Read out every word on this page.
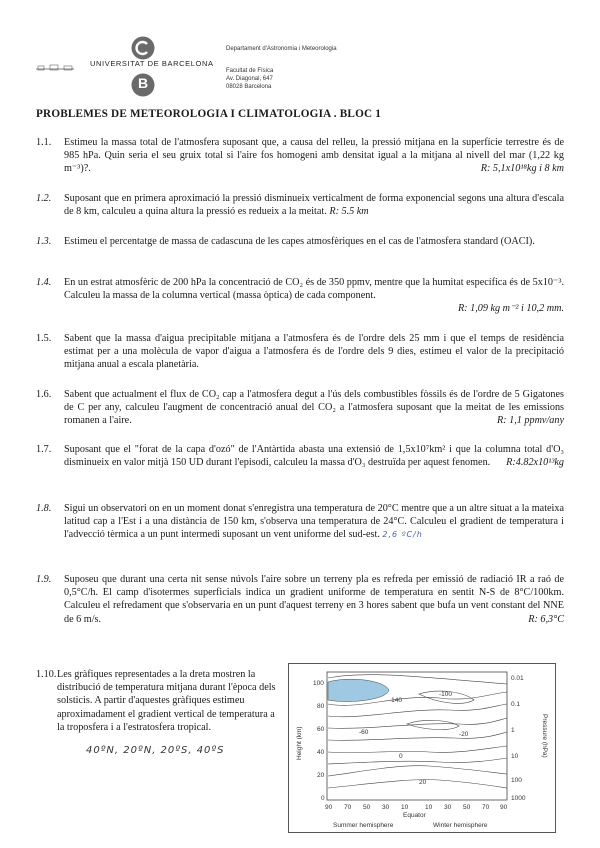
B
UNIVERSITAT DE BARCELONA
Departament d'Astronomia i Meteorologia
Facultat de Física
Av. Diagonal, 647
08028 Barcelona
PROBLEMES DE METEOROLOGIA I CLIMATOLOGIA . BLOC 1
1.1.	Estimeu la massa total de l'atmosfera suposant que, a causa del relleu, la pressió mitjana en la superfície terrestre és de 985 hPa. Quin seria el seu gruix total si l'aire fos homogeni amb densitat igual a la mitjana al nivell del mar (1,22 kg m⁻³)?.	R: 5,1x10¹⁸kg i 8 km
1.2.	Suposant que en primera aproximació la pressió disminueix verticalment de forma exponencial segons una altura d'escala de 8 km, calculeu a quina altura la pressió es redueix a la meitat. R: 5.5 km
1.3.	Estimeu el percentatge de massa de cadascuna de les capes atmosfèriques en el cas de l'atmosfera standard (OACI).
1.4.	En un estrat atmosfèric de 200 hPa la concentració de CO₂ és de 350 ppmv, mentre que la humitat específica és de 5x10⁻³. Calculeu la massa de la columna vertical (massa òptica) de cada component.
R: 1,09 kg m⁻² i 10,2 mm.
1.5.	Sabent que la massa d'aigua precipitable mitjana a l'atmosfera és de l'ordre dels 25 mm i que el temps de residència estimat per a una molècula de vapor d'aigua a l'atmosfera és de l'ordre dels 9 dies, estimeu el valor de la precipitació mitjana anual a escala planetària.
1.6.	Sabent que actualment el flux de CO₂ cap a l'atmosfera degut a l'ús dels combustibles fòssils és de l'ordre de 5 Gigatones de C per any, calculeu l'augment de concentració anual del CO₂ a l'atmosfera suposant que la meitat de les emissions romanen a l'aire.	R: 1,1 ppmv/any
1.7.	Suposant que el "forat de la capa d'ozó" de l'Antàrtida abasta una extensió de 1,5x10⁷km² i que la columna total d'O₃ disminueix en valor mitjà 150 UD durant l'episodi, calculeu la massa d'O₃ destruïda per aquest fenomen. R:4.82x10¹³kg
1.8.	Sigui un observatori on en un moment donat s'enregistra una temperatura de 20°C mentre que a un altre situat a la mateixa latitud cap a l'Est i a una distància de 150 km, s'observa una temperatura de 24°C. Calculeu el gradient de temperatura i l'advecció tèrmica a un punt intermedi suposant un vent uniforme del sud-est. 2,6 ºC/h
1.9.	Suposeu que durant una certa nit sense núvols l'aire sobre un terreny pla es refreda per emissió de radiació IR a raó de 0,5°C/h. El camp d'isotermes superficials indica un gradient uniforme de temperatura en sentit N-S de 8°C/100km. Calculeu el refredament que s'observaria en un punt d'aquest terreny en 3 hores sabent que bufa un vent constant del NNE de 6 m/s.	R: 6,3°C
1.10. Les gràfiques representades a la dreta mostren la distribució de temperatura mitjana durant l'època dels solsticis. A partir d'aquestes gràfiques estimeu aproximadament el gradient vertical de temperatura a la troposfera i a l'estratosfera tropical.
40ºN, 20ºN, 20ºS, 40ºS
100
80
60
40
20
0
0.01
0.1
1
10
100
1000
Height (km)	Pressure (hPa)
-140
-100
-60	-20
0
20
90 70 50 30 10	10 30 50 70 90
Equator
Summer hemisphere	Winter hemisphere
